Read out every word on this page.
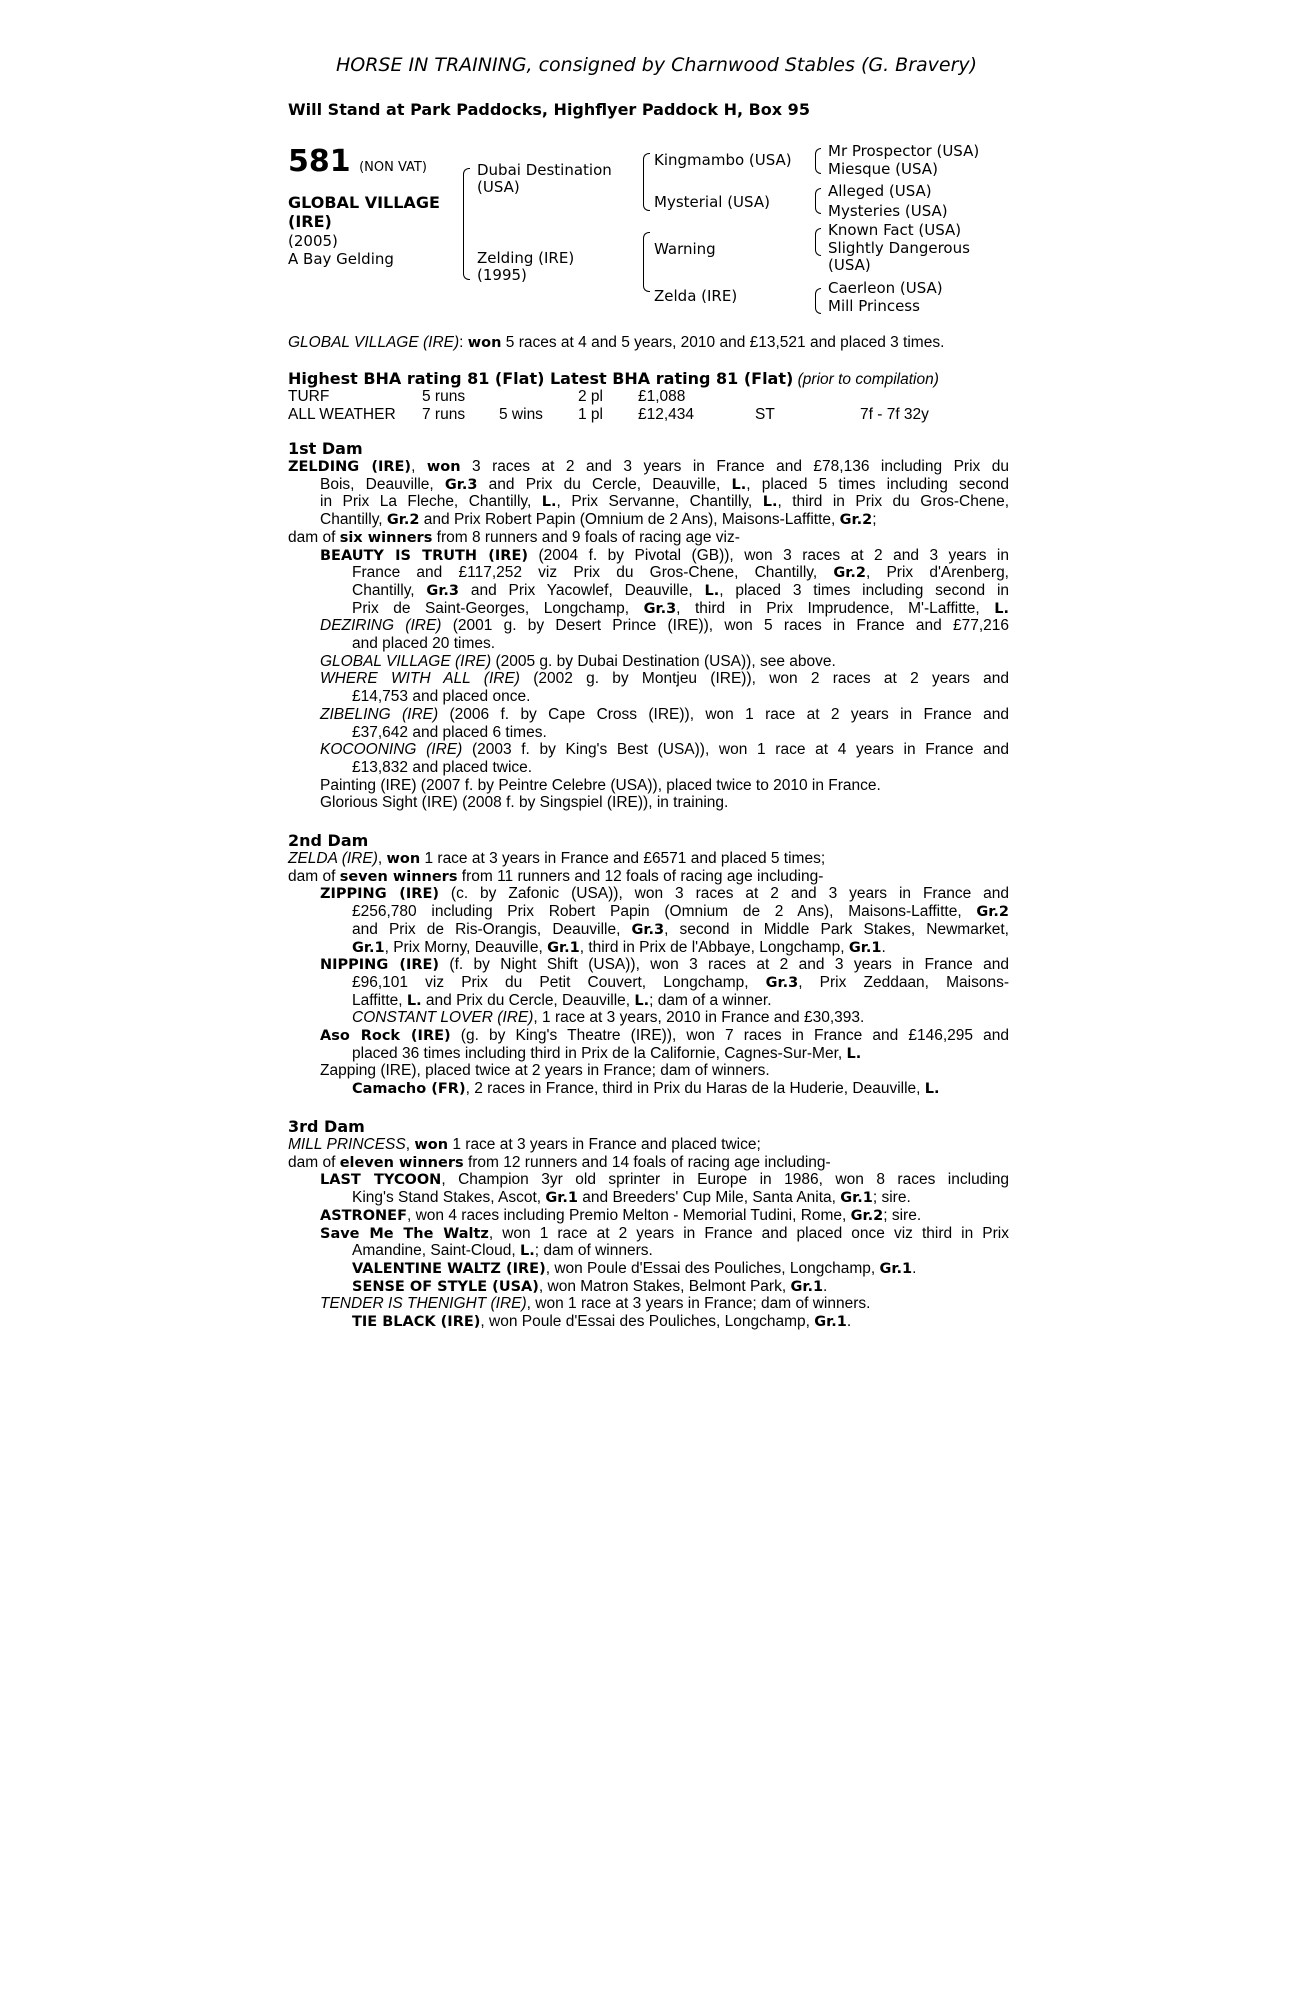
HORSE IN TRAINING, consigned by Charnwood Stables (G. Bravery)
Will Stand at Park Paddocks, Highflyer Paddock H, Box 95
581 (NON VAT)
GLOBAL VILLAGE
(IRE)
(2005)
A Bay Gelding
Dubai Destination
(USA)
Zelding (IRE)
(1995)
Kingmambo (USA)
Mysterial (USA)
Warning
Zelda (IRE)
Mr Prospector (USA)
Miesque (USA)
Alleged (USA)
Mysteries (USA)
Known Fact (USA)
Slightly Dangerous
(USA)
Caerleon (USA)
Mill Princess
GLOBAL VILLAGE (IRE): won 5 races at 4 and 5 years, 2010 and £13,521 and placed 3 times.
Highest BHA rating 81 (Flat) Latest BHA rating 81 (Flat) (prior to compilation)
TURF	5 runs	2 pl £1,088
ALL WEATHER 7 runs 5 wins 1 pl £12,434	ST	7f - 7f 32y
1st Dam
ZELDING (IRE), won 3 races at 2 and 3 years in France and £78,136 including Prix du
Bois, Deauville, Gr.3 and Prix du Cercle, Deauville, L., placed 5 times including second
in Prix La Fleche, Chantilly, L., Prix Servanne, Chantilly, L., third in Prix du Gros-Chene,
Chantilly, Gr.2 and Prix Robert Papin (Omnium de 2 Ans), Maisons-Laffitte, Gr.2;
dam of six winners from 8 runners and 9 foals of racing age viz-
BEAUTY IS TRUTH (IRE) (2004 f. by Pivotal (GB)), won 3 races at 2 and 3 years in
France and £117,252 viz Prix du Gros-Chene, Chantilly, Gr.2, Prix d'Arenberg,
Chantilly, Gr.3 and Prix Yacowlef, Deauville, L., placed 3 times including second in
Prix de Saint-Georges, Longchamp, Gr.3, third in Prix Imprudence, M'-Laffitte, L.
DEZIRING (IRE) (2001 g. by Desert Prince (IRE)), won 5 races in France and £77,216
and placed 20 times.
GLOBAL VILLAGE (IRE) (2005 g. by Dubai Destination (USA)), see above.
WHERE WITH ALL (IRE) (2002 g. by Montjeu (IRE)), won 2 races at 2 years and
£14,753 and placed once.
ZIBELING (IRE) (2006 f. by Cape Cross (IRE)), won 1 race at 2 years in France and
£37,642 and placed 6 times.
KOCOONING (IRE) (2003 f. by King's Best (USA)), won 1 race at 4 years in France and
£13,832 and placed twice.
Painting (IRE) (2007 f. by Peintre Celebre (USA)), placed twice to 2010 in France.
Glorious Sight (IRE) (2008 f. by Singspiel (IRE)), in training.
2nd Dam
ZELDA (IRE), won 1 race at 3 years in France and £6571 and placed 5 times;
dam of seven winners from 11 runners and 12 foals of racing age including-
ZIPPING (IRE) (c. by Zafonic (USA)), won 3 races at 2 and 3 years in France and
£256,780 including Prix Robert Papin (Omnium de 2 Ans), Maisons-Laffitte, Gr.2
and Prix de Ris-Orangis, Deauville, Gr.3, second in Middle Park Stakes, Newmarket,
Gr.1, Prix Morny, Deauville, Gr.1, third in Prix de l'Abbaye, Longchamp, Gr.1.
NIPPING (IRE) (f. by Night Shift (USA)), won 3 races at 2 and 3 years in France and
£96,101 viz Prix du Petit Couvert, Longchamp, Gr.3, Prix Zeddaan, Maisons-
Laffitte, L. and Prix du Cercle, Deauville, L.; dam of a winner.
CONSTANT LOVER (IRE), 1 race at 3 years, 2010 in France and £30,393.
Aso Rock (IRE) (g. by King's Theatre (IRE)), won 7 races in France and £146,295 and
placed 36 times including third in Prix de la Californie, Cagnes-Sur-Mer, L.
Zapping (IRE), placed twice at 2 years in France; dam of winners.
Camacho (FR), 2 races in France, third in Prix du Haras de la Huderie, Deauville, L.
3rd Dam
MILL PRINCESS, won 1 race at 3 years in France and placed twice;
dam of eleven winners from 12 runners and 14 foals of racing age including-
LAST TYCOON, Champion 3yr old sprinter in Europe in 1986, won 8 races including
King's Stand Stakes, Ascot, Gr.1 and Breeders' Cup Mile, Santa Anita, Gr.1; sire.
ASTRONEF, won 4 races including Premio Melton - Memorial Tudini, Rome, Gr.2; sire.
Save Me The Waltz, won 1 race at 2 years in France and placed once viz third in Prix
Amandine, Saint-Cloud, L.; dam of winners.
VALENTINE WALTZ (IRE), won Poule d'Essai des Pouliches, Longchamp, Gr.1.
SENSE OF STYLE (USA), won Matron Stakes, Belmont Park, Gr.1.
TENDER IS THENIGHT (IRE), won 1 race at 3 years in France; dam of winners.
TIE BLACK (IRE), won Poule d'Essai des Pouliches, Longchamp, Gr.1.
